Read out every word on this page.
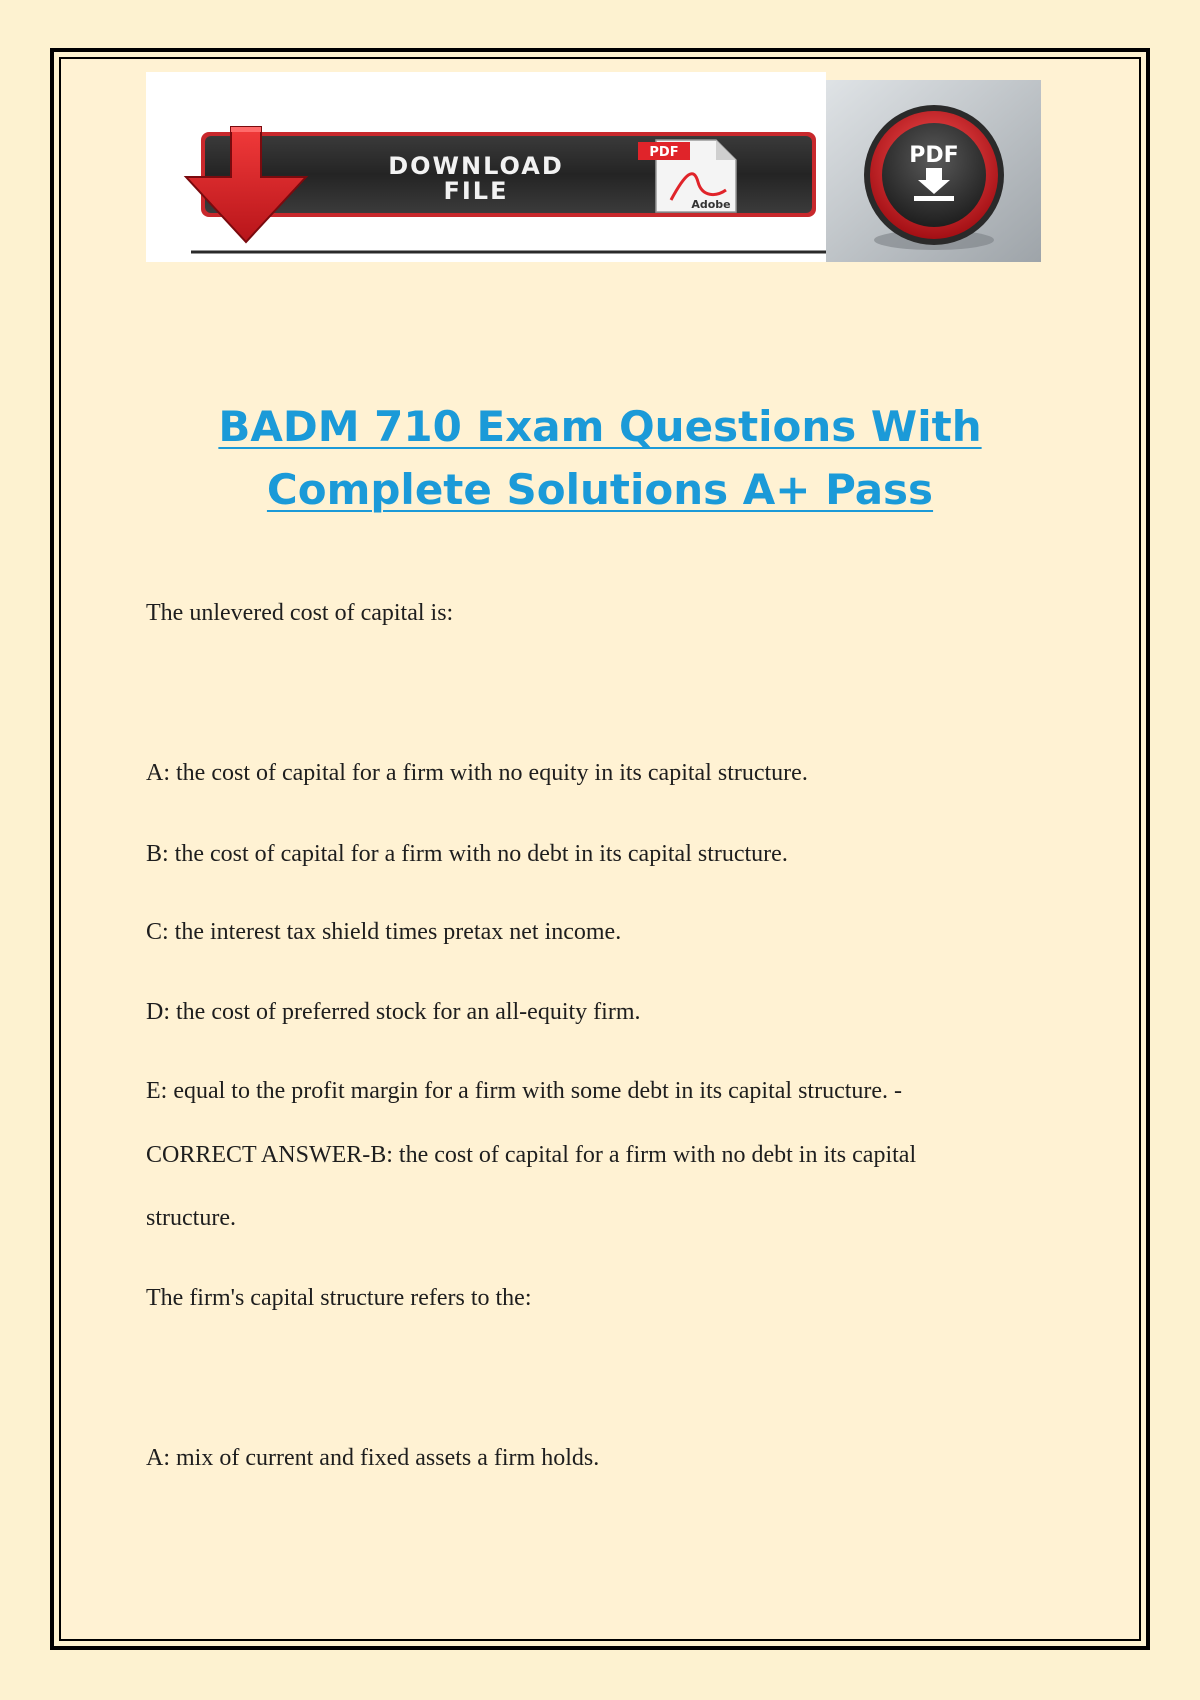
DOWNLOAD
FILE
PDF
Adobe
PDF
BADM 710 Exam Questions With
Complete Solutions A+ Pass
The unlevered cost of capital is:
A: the cost of capital for a firm with no equity in its capital structure.
B: the cost of capital for a firm with no debt in its capital structure.
C: the interest tax shield times pretax net income.
D: the cost of preferred stock for an all-equity firm.
E: equal to the profit margin for a firm with some debt in its capital structure. -
CORRECT ANSWER-B: the cost of capital for a firm with no debt in its capital
structure.
The firm's capital structure refers to the:
A: mix of current and fixed assets a firm holds.
